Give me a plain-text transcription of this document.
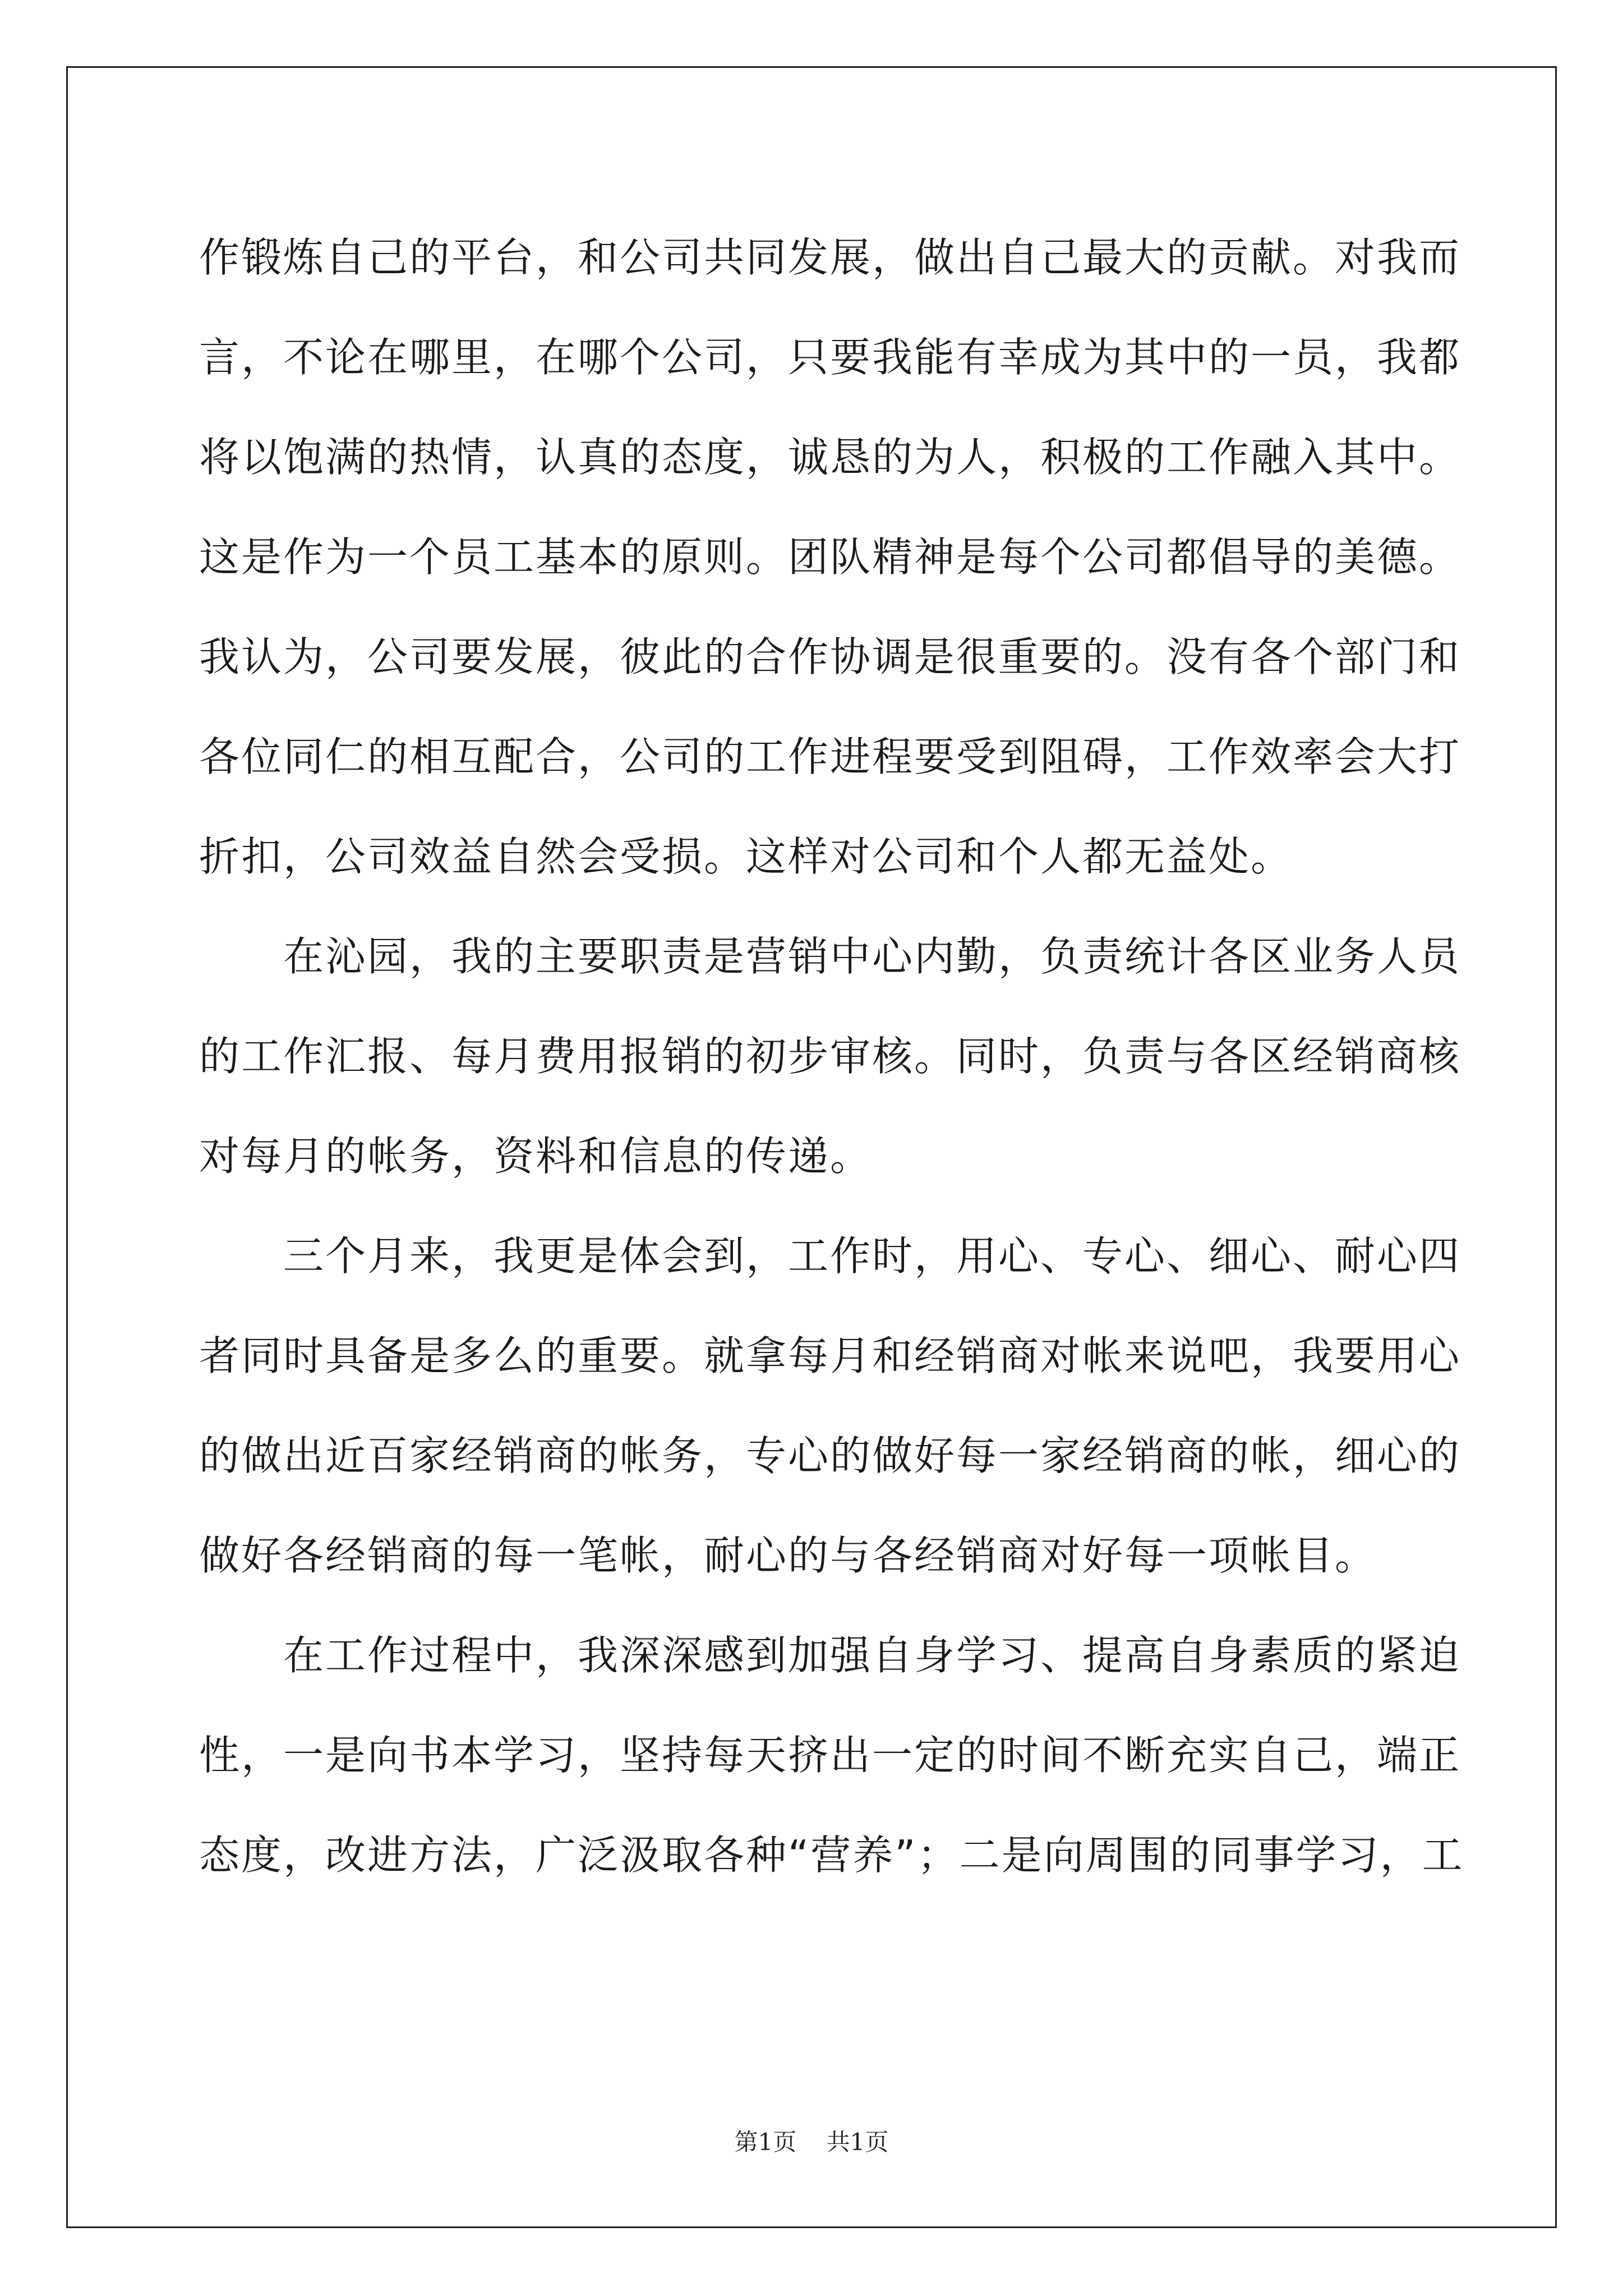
作锻炼自己的平台，和公司共同发展，做出自己最大的贡献。对我而
言，不论在哪里，在哪个公司，只要我能有幸成为其中的一员，我都
将以饱满的热情，认真的态度，诚恳的为人，积极的工作融入其中。
这是作为一个员工基本的原则。团队精神是每个公司都倡导的美德。
我认为，公司要发展，彼此的合作协调是很重要的。没有各个部门和
各位同仁的相互配合，公司的工作进程要受到阻碍，工作效率会大打
折扣，公司效益自然会受损。这样对公司和个人都无益处。

在沁园，我的主要职责是营销中心内勤，负责统计各区业务人员
的工作汇报、每月费用报销的初步审核。同时，负责与各区经销商核
对每月的帐务，资料和信息的传递。

三个月来，我更是体会到，工作时，用心、专心、细心、耐心四
者同时具备是多么的重要。就拿每月和经销商对帐来说吧，我要用心
的做出近百家经销商的帐务，专心的做好每一家经销商的帐，细心的
做好各经销商的每一笔帐，耐心的与各经销商对好每一项帐目。

在工作过程中，我深深感到加强自身学习、提高自身素质的紧迫
性，一是向书本学习，坚持每天挤出一定的时间不断充实自己，端正
态度，改进方法，广泛汲取各种“营养”；二是向周围的同事学习，工

第1页 共1页
